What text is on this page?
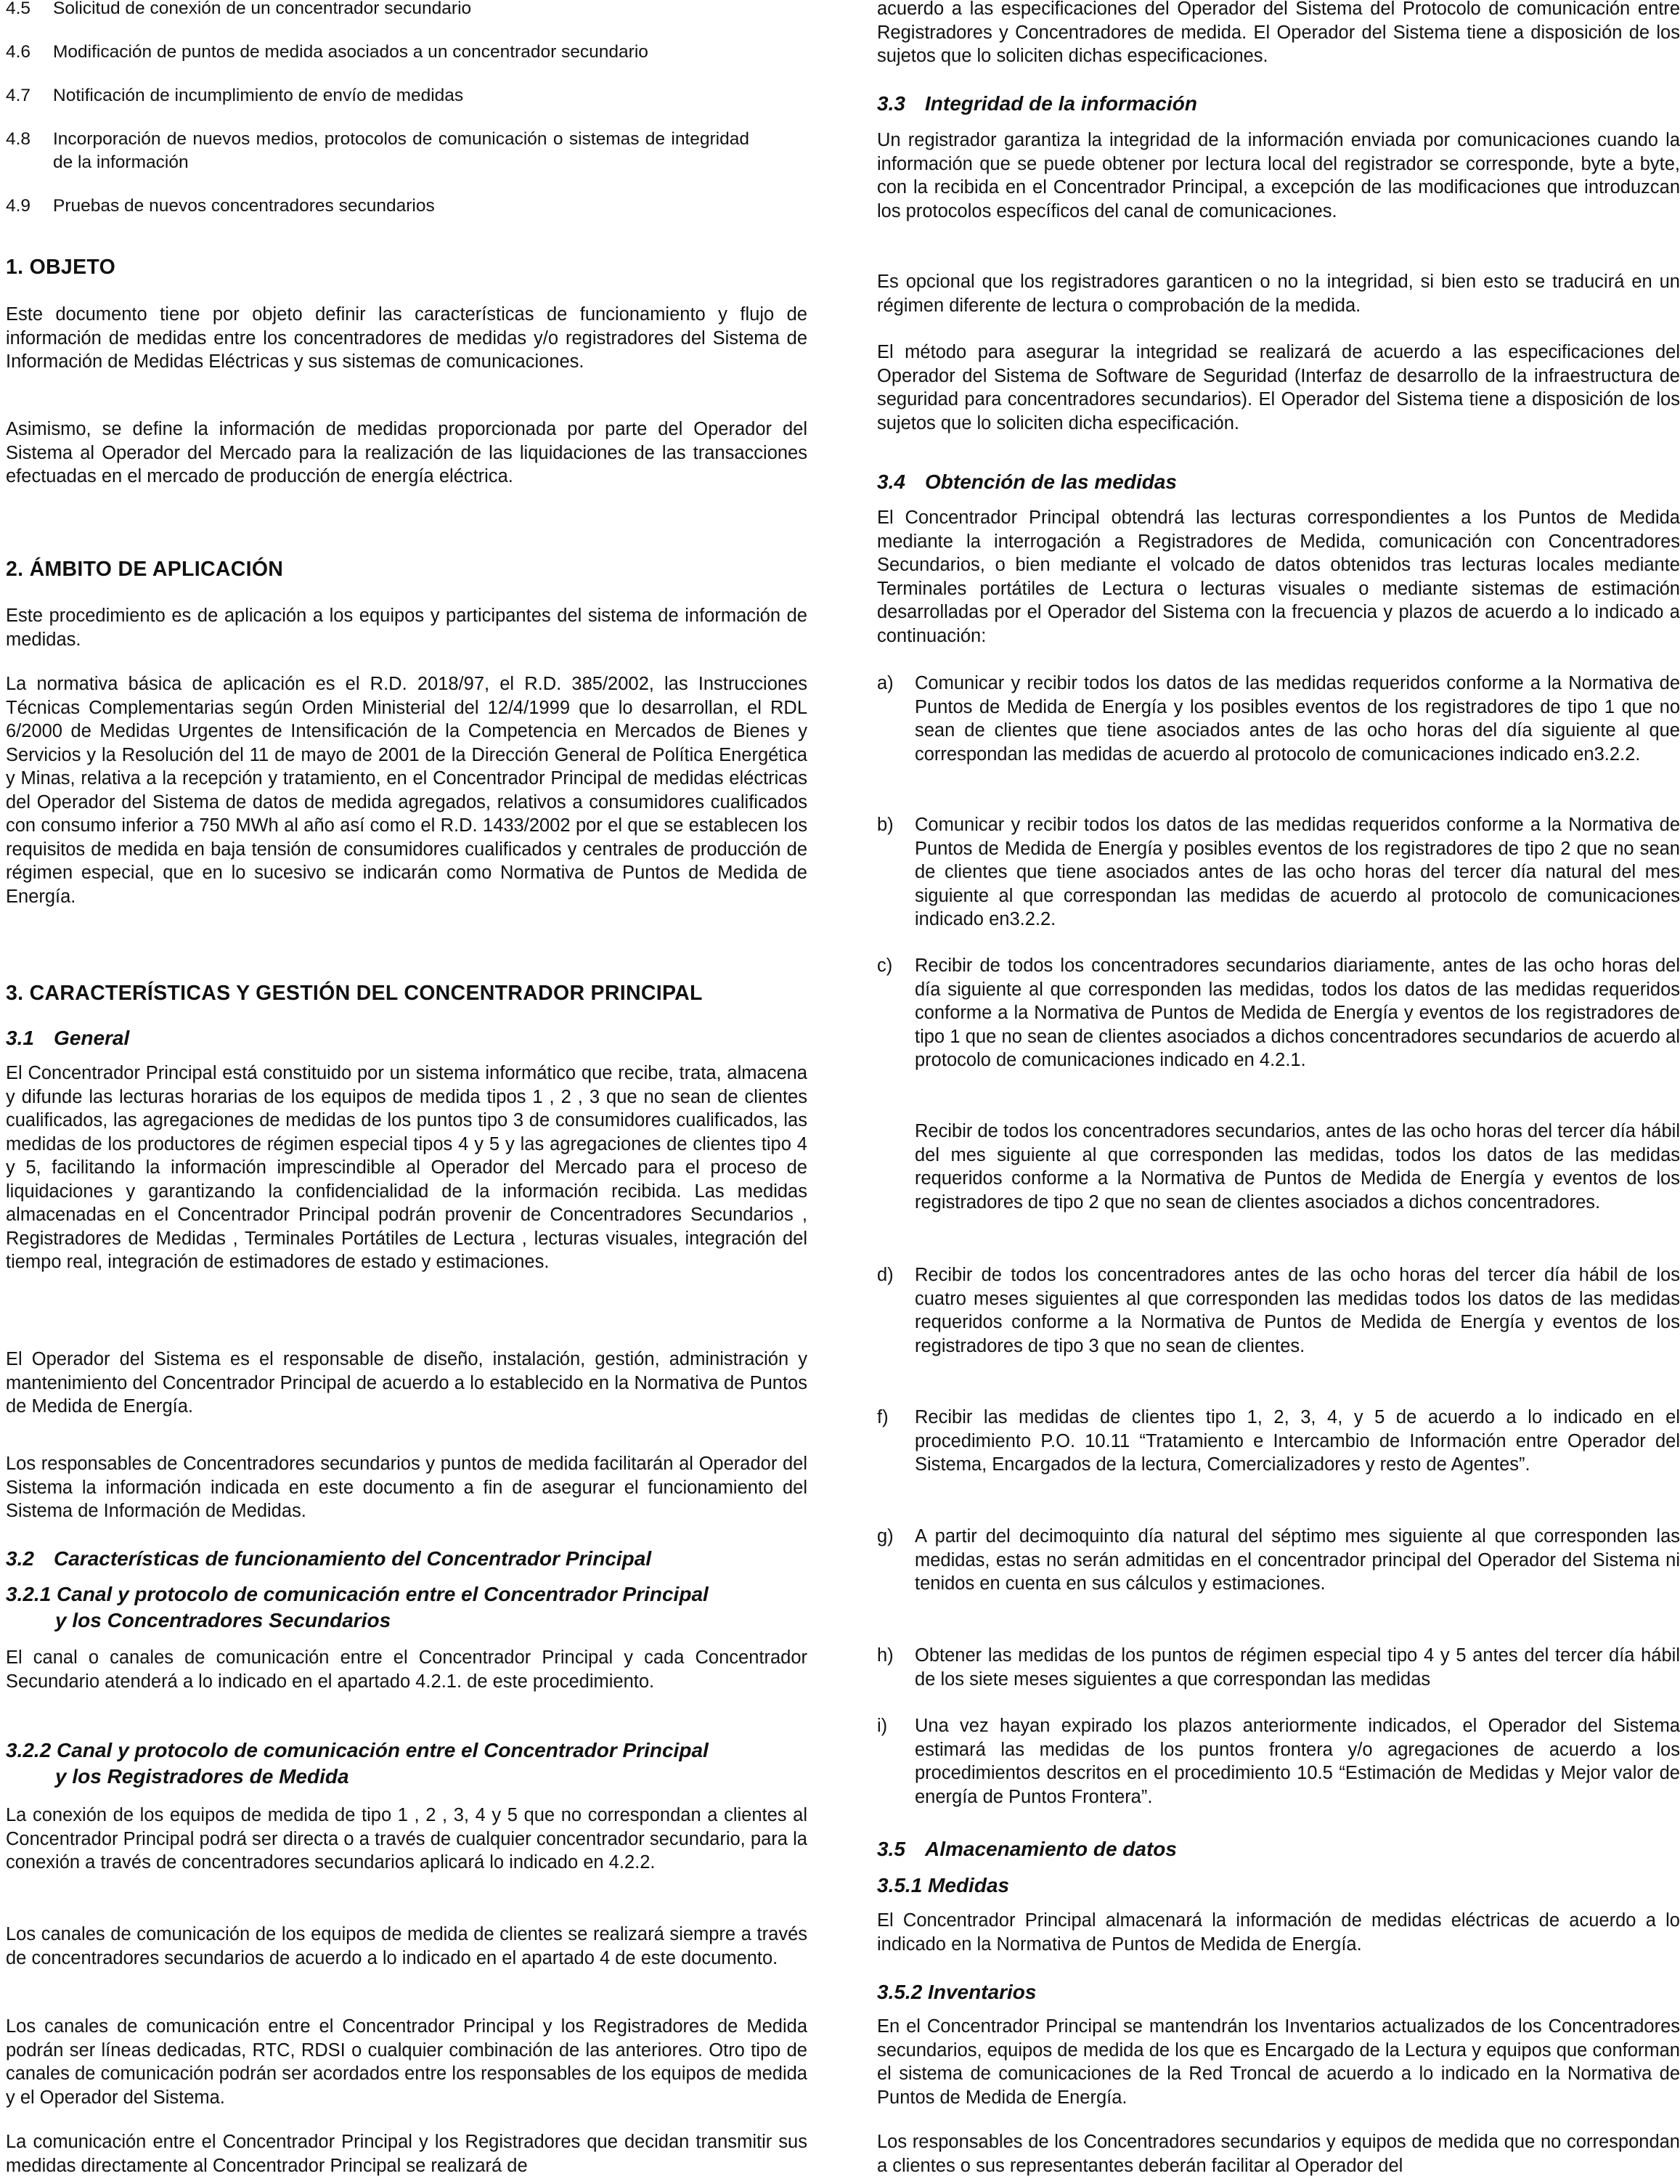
4.5 Solicitud de conexión de un concentrador secundario
4.6 Modificación de puntos de medida asociados a un concentrador secundario
4.7 Notificación de incumplimiento de envío de medidas
4.8 Incorporación de nuevos medios, protocolos de comunicación o sistemas de integridad de la información
4.9 Pruebas de nuevos concentradores secundarios
1. OBJETO
Este documento tiene por objeto definir las características de funcionamiento y flujo de información de medidas entre los concentradores de medidas y/o registradores del Sistema de Información de Medidas Eléctricas y sus sistemas de comunicaciones.
Asimismo, se define la información de medidas proporcionada por parte del Operador del Sistema al Operador del Mercado para la realización de las liquidaciones de las transacciones efectuadas en el mercado de producción de energía eléctrica.
2. ÁMBITO DE APLICACIÓN
Este procedimiento es de aplicación a los equipos y participantes del sistema de información de medidas.
La normativa básica de aplicación es el R.D. 2018/97, el R.D. 385/2002, las Instrucciones Técnicas Complementarias según Orden Ministerial del 12/4/1999 que lo desarrollan, el RDL 6/2000 de Medidas Urgentes de Intensificación de la Competencia en Mercados de Bienes y Servicios y la Resolución del 11 de mayo de 2001 de la Dirección General de Política Energética y Minas, relativa a la recepción y tratamiento, en el Concentrador Principal de medidas eléctricas del Operador del Sistema de datos de medida agregados, relativos a consumidores cualificados con consumo inferior a 750 MWh al año así como el R.D. 1433/2002 por el que se establecen los requisitos de medida en baja tensión de consumidores cualificados y centrales de producción de régimen especial, que en lo sucesivo se indicarán como Normativa de Puntos de Medida de Energía.
3. CARACTERÍSTICAS Y GESTIÓN DEL CONCENTRADOR PRINCIPAL
3.1 General
El Concentrador Principal está constituido por un sistema informático que recibe, trata, almacena y difunde las lecturas horarias de los equipos de medida tipos 1 , 2 , 3 que no sean de clientes cualificados, las agregaciones de medidas de los puntos tipo 3 de consumidores cualificados, las medidas de los productores de régimen especial tipos 4 y 5 y las agregaciones de clientes tipo 4 y 5, facilitando la información imprescindible al Operador del Mercado para el proceso de liquidaciones y garantizando la confidencialidad de la información recibida. Las medidas almacenadas en el Concentrador Principal podrán provenir de Concentradores Secundarios , Registradores de Medidas , Terminales Portátiles de Lectura , lecturas visuales, integración del tiempo real, integración de estimadores de estado y estimaciones.
El Operador del Sistema es el responsable de diseño, instalación, gestión, administración y mantenimiento del Concentrador Principal de acuerdo a lo establecido en la Normativa de Puntos de Medida de Energía.
Los responsables de Concentradores secundarios y puntos de medida facilitarán al Operador del Sistema la información indicada en este documento a fin de asegurar el funcionamiento del Sistema de Información de Medidas.
3.2 Características de funcionamiento del Concentrador Principal
3.2.1 Canal y protocolo de comunicación entre el Concentrador Principal
y los Concentradores Secundarios
El canal o canales de comunicación entre el Concentrador Principal y cada Concentrador Secundario atenderá a lo indicado en el apartado 4.2.1. de este procedimiento.
3.2.2 Canal y protocolo de comunicación entre el Concentrador Principal
y los Registradores de Medida
La conexión de los equipos de medida de tipo 1 , 2 , 3, 4 y 5 que no correspondan a clientes al Concentrador Principal podrá ser directa o a través de cualquier concentrador secundario, para la conexión a través de concentradores secundarios aplicará lo indicado en 4.2.2.
Los canales de comunicación de los equipos de medida de clientes se realizará siempre a través de concentradores secundarios de acuerdo a lo indicado en el apartado 4 de este documento.
Los canales de comunicación entre el Concentrador Principal y los Registradores de Medida podrán ser líneas dedicadas, RTC, RDSI o cualquier combinación de las anteriores. Otro tipo de canales de comunicación podrán ser acordados entre los responsables de los equipos de medida y el Operador del Sistema.
La comunicación entre el Concentrador Principal y los Registradores que decidan transmitir sus medidas directamente al Concentrador Principal se realizará de
acuerdo a las especificaciones del Operador del Sistema del Protocolo de comunicación entre Registradores y Concentradores de medida. El Operador del Sistema tiene a disposición de los sujetos que lo soliciten dichas especificaciones.
3.3 Integridad de la información
Un registrador garantiza la integridad de la información enviada por comunicaciones cuando la información que se puede obtener por lectura local del registrador se corresponde, byte a byte, con la recibida en el Concentrador Principal, a excepción de las modificaciones que introduzcan los protocolos específicos del canal de comunicaciones.
Es opcional que los registradores garanticen o no la integridad, si bien esto se traducirá en un régimen diferente de lectura o comprobación de la medida.
El método para asegurar la integridad se realizará de acuerdo a las especificaciones del Operador del Sistema de Software de Seguridad (Interfaz de desarrollo de la infraestructura de seguridad para concentradores secundarios). El Operador del Sistema tiene a disposición de los sujetos que lo soliciten dicha especificación.
3.4 Obtención de las medidas
El Concentrador Principal obtendrá las lecturas correspondientes a los Puntos de Medida mediante la interrogación a Registradores de Medida, comunicación con Concentradores Secundarios, o bien mediante el volcado de datos obtenidos tras lecturas locales mediante Terminales portátiles de Lectura o lecturas visuales o mediante sistemas de estimación desarrolladas por el Operador del Sistema con la frecuencia y plazos de acuerdo a lo indicado a continuación:
a) Comunicar y recibir todos los datos de las medidas requeridos conforme a la Normativa de Puntos de Medida de Energía y los posibles eventos de los registradores de tipo 1 que no sean de clientes que tiene asociados antes de las ocho horas del día siguiente al que correspondan las medidas de acuerdo al protocolo de comunicaciones indicado en3.2.2.
b) Comunicar y recibir todos los datos de las medidas requeridos conforme a la Normativa de Puntos de Medida de Energía y posibles eventos de los registradores de tipo 2 que no sean de clientes que tiene asociados antes de las ocho horas del tercer día natural del mes siguiente al que correspondan las medidas de acuerdo al protocolo de comunicaciones indicado en3.2.2.
c) Recibir de todos los concentradores secundarios diariamente, antes de las ocho horas del día siguiente al que corresponden las medidas, todos los datos de las medidas requeridos conforme a la Normativa de Puntos de Medida de Energía y eventos de los registradores de tipo 1 que no sean de clientes asociados a dichos concentradores secundarios de acuerdo al protocolo de comunicaciones indicado en 4.2.1.
Recibir de todos los concentradores secundarios, antes de las ocho horas del tercer día hábil del mes siguiente al que corresponden las medidas, todos los datos de las medidas requeridos conforme a la Normativa de Puntos de Medida de Energía y eventos de los registradores de tipo 2 que no sean de clientes asociados a dichos concentradores.
d) Recibir de todos los concentradores antes de las ocho horas del tercer día hábil de los cuatro meses siguientes al que corresponden las medidas todos los datos de las medidas requeridos conforme a la Normativa de Puntos de Medida de Energía y eventos de los registradores de tipo 3 que no sean de clientes.
f) Recibir las medidas de clientes tipo 1, 2, 3, 4, y 5 de acuerdo a lo indicado en el procedimiento P.O. 10.11 “Tratamiento e Intercambio de Información entre Operador del Sistema, Encargados de la lectura, Comercializadores y resto de Agentes”.
g) A partir del decimoquinto día natural del séptimo mes siguiente al que corresponden las medidas, estas no serán admitidas en el concentrador principal del Operador del Sistema ni tenidos en cuenta en sus cálculos y estimaciones.
h) Obtener las medidas de los puntos de régimen especial tipo 4 y 5 antes del tercer día hábil de los siete meses siguientes a que correspondan las medidas
i) Una vez hayan expirado los plazos anteriormente indicados, el Operador del Sistema estimará las medidas de los puntos frontera y/o agregaciones de acuerdo a los procedimientos descritos en el procedimiento 10.5 “Estimación de Medidas y Mejor valor de energía de Puntos Frontera”.
3.5 Almacenamiento de datos
3.5.1 Medidas
El Concentrador Principal almacenará la información de medidas eléctricas de acuerdo a lo indicado en la Normativa de Puntos de Medida de Energía.
3.5.2 Inventarios
En el Concentrador Principal se mantendrán los Inventarios actualizados de los Concentradores secundarios, equipos de medida de los que es Encargado de la Lectura y equipos que conforman el sistema de comunicaciones de la Red Troncal de acuerdo a lo indicado en la Normativa de Puntos de Medida de Energía.
Los responsables de los Concentradores secundarios y equipos de medida que no correspondan a clientes o sus representantes deberán facilitar al Operador del
